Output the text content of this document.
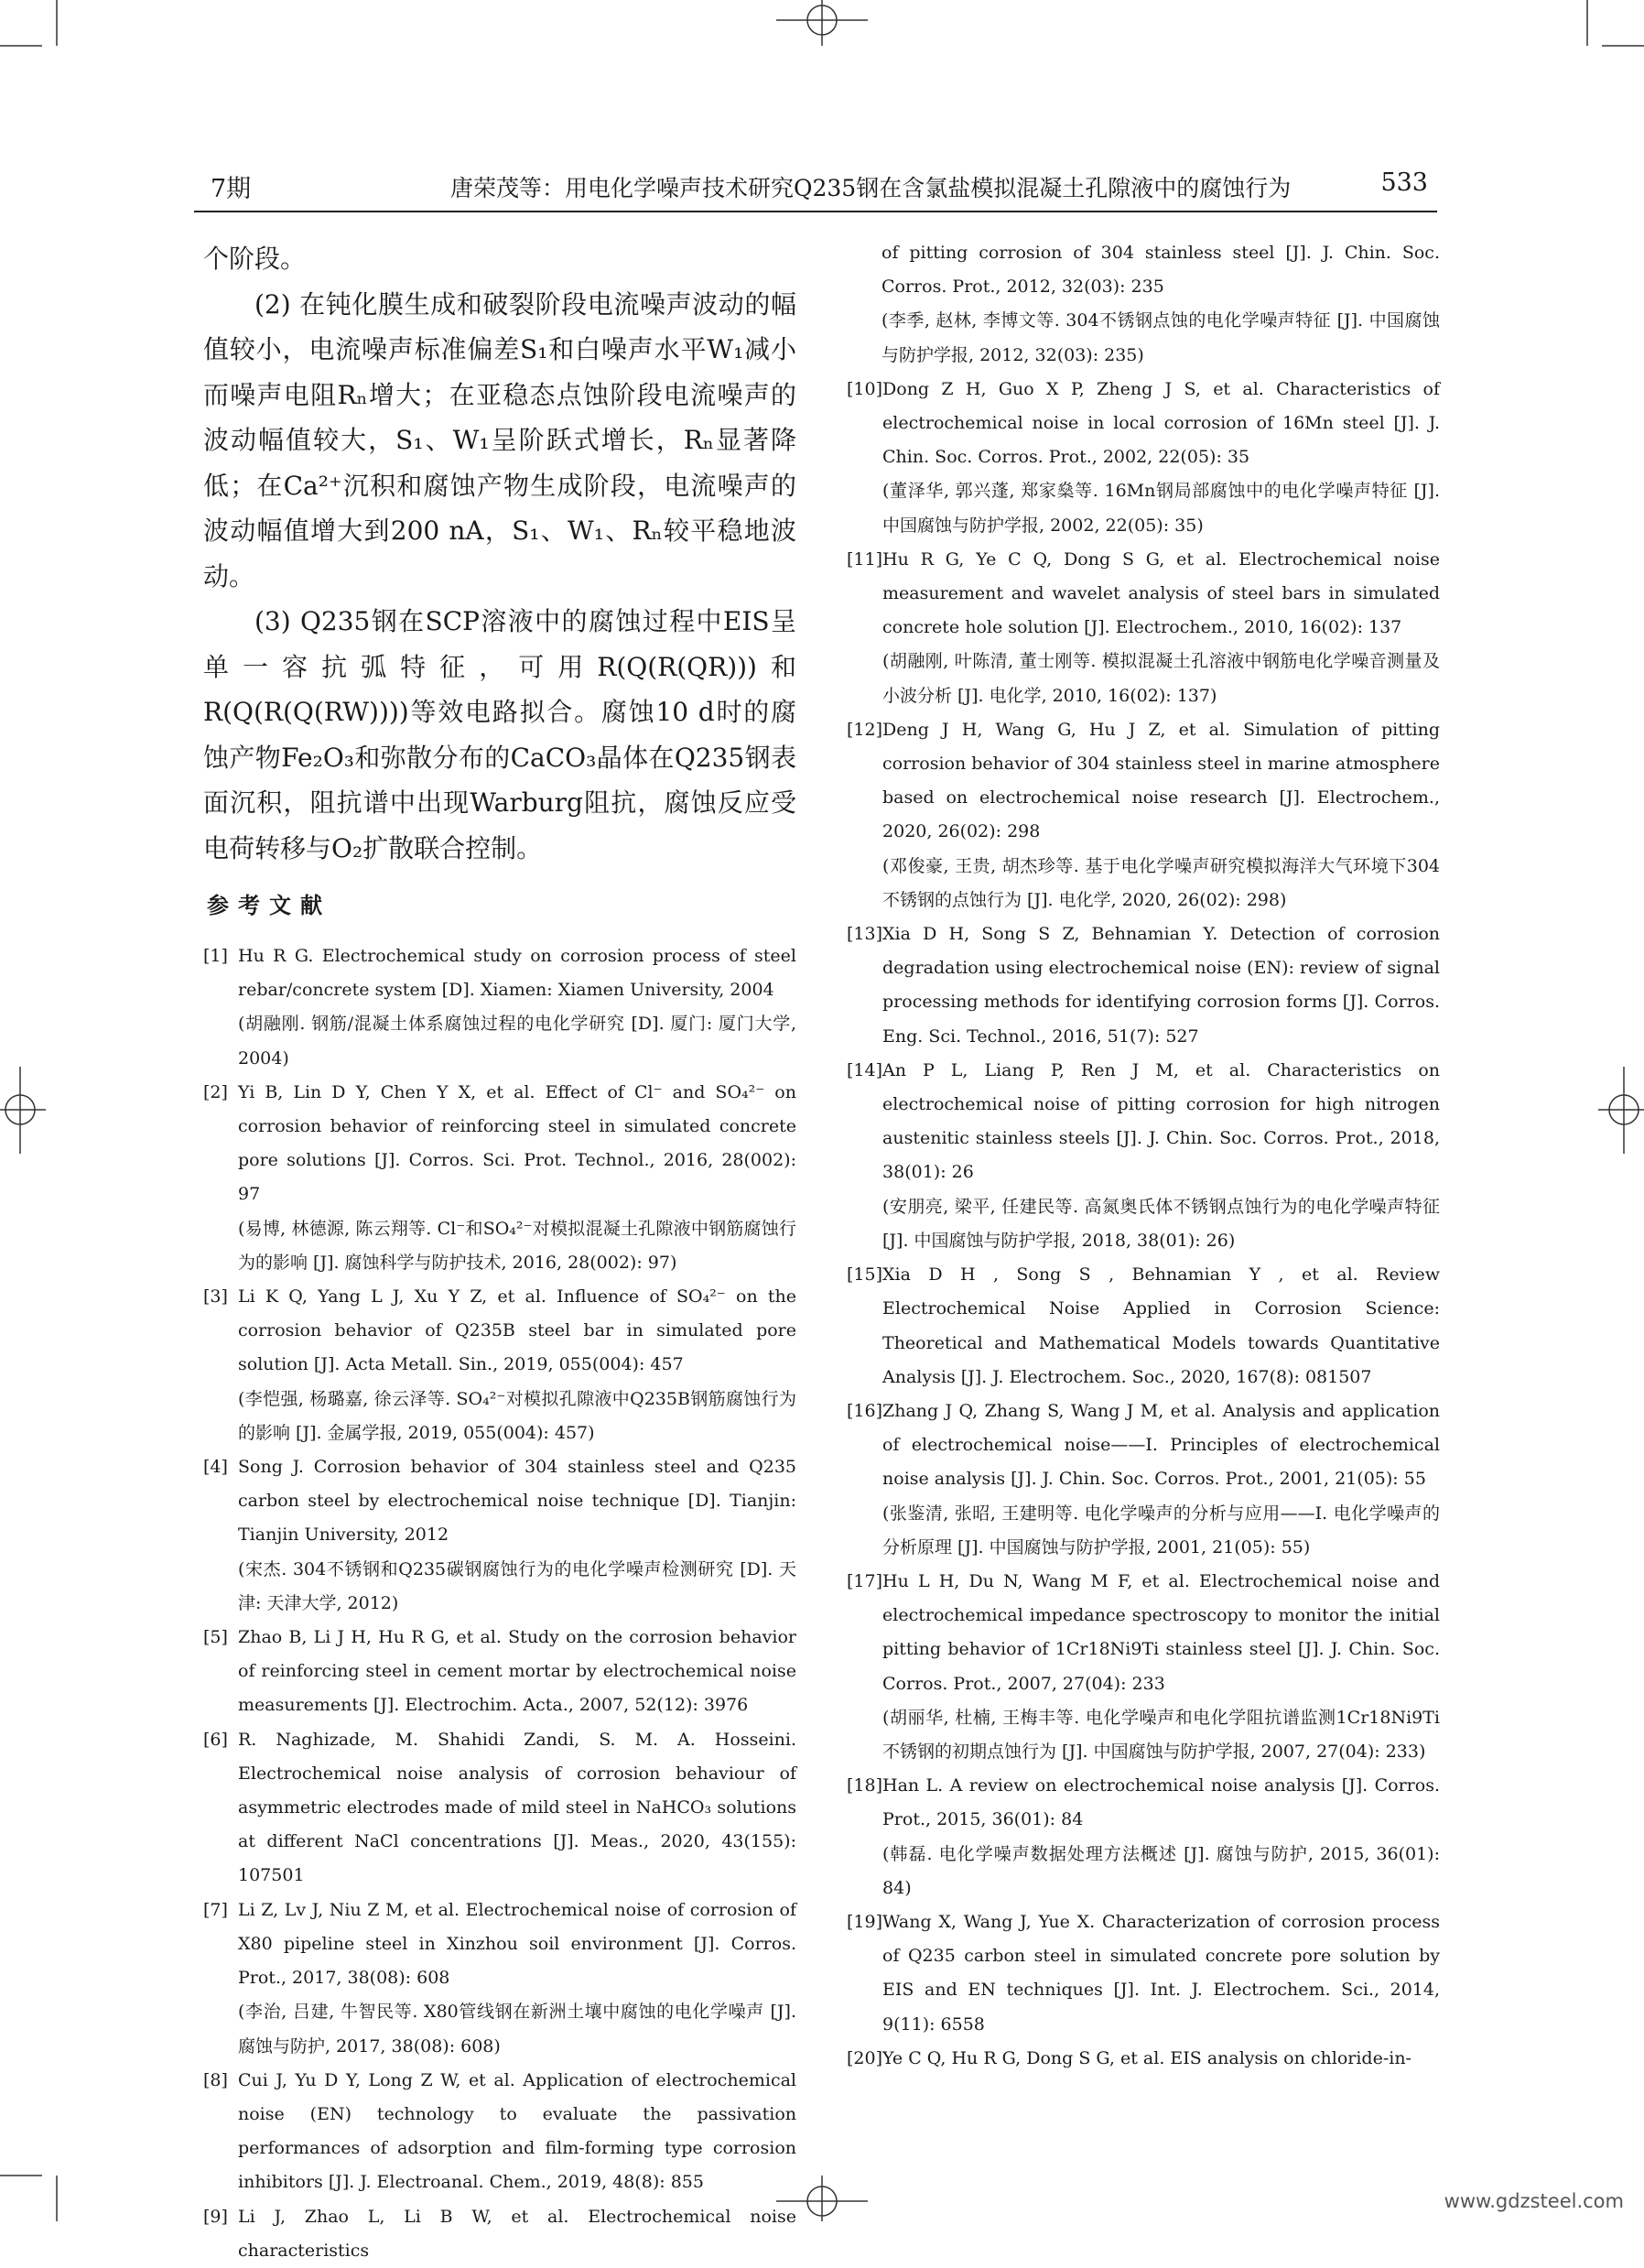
7期	唐荣茂等：用电化学噪声技术研究Q235钢在含氯盐模拟混凝土孔隙液中的腐蚀行为	533

个阶段。

(2) 在钝化膜生成和破裂阶段电流噪声波动的幅值较小，电流噪声标准偏差S₁和白噪声水平W₁减小而噪声电阻Rₙ增大；在亚稳态点蚀阶段电流噪声的波动幅值较大，S₁、W₁呈阶跃式增长，Rₙ显著降低；在Ca²⁺沉积和腐蚀产物生成阶段，电流噪声的波动幅值增大到200 nA，S₁、W₁、Rₙ较平稳地波动。

(3) Q235钢在SCP溶液中的腐蚀过程中EIS呈单一容抗弧特征，可用R(Q(R(QR)))和R(Q(R(Q(RW))))等效电路拟合。腐蚀10 d时的腐蚀产物Fe₂O₃和弥散分布的CaCO₃晶体在Q235钢表面沉积，阻抗谱中出现Warburg阻抗，腐蚀反应受电荷转移与O₂扩散联合控制。

参考文献
[1] Hu R G. Electrochemical study on corrosion process of steel rebar/concrete system [D]. Xiamen: Xiamen University, 2004
(胡融刚. 钢筋/混凝土体系腐蚀过程的电化学研究 [D]. 厦门: 厦门大学, 2004)
[2] Yi B, Lin D Y, Chen Y X, et al. Effect of Cl⁻ and SO₄²⁻ on corrosion behavior of reinforcing steel in simulated concrete pore solutions [J]. Corros. Sci. Prot. Technol., 2016, 28(002): 97
(易博, 林德源, 陈云翔等. Cl⁻和SO₄²⁻对模拟混凝土孔隙液中钢筋腐蚀行为的影响 [J]. 腐蚀科学与防护技术, 2016, 28(002): 97)
[3] Li K Q, Yang L J, Xu Y Z, et al. Influence of SO₄²⁻ on the corrosion behavior of Q235B steel bar in simulated pore solution [J]. Acta Metall. Sin., 2019, 055(004): 457
(李恺强, 杨璐嘉, 徐云泽等. SO₄²⁻对模拟孔隙液中Q235B钢筋腐蚀行为的影响 [J]. 金属学报, 2019, 055(004): 457)
[4] Song J. Corrosion behavior of 304 stainless steel and Q235 carbon steel by electrochemical noise technique [D]. Tianjin: Tianjin University, 2012
(宋杰. 304不锈钢和Q235碳钢腐蚀行为的电化学噪声检测研究 [D]. 天津: 天津大学, 2012)
[5] Zhao B, Li J H, Hu R G, et al. Study on the corrosion behavior of reinforcing steel in cement mortar by electrochemical noise measurements [J]. Electrochim. Acta., 2007, 52(12): 3976
[6] R. Naghizade, M. Shahidi Zandi, S. M. A. Hosseini. Electrochemical noise analysis of corrosion behaviour of asymmetric electrodes made of mild steel in NaHCO₃ solutions at different NaCl concentrations [J]. Meas., 2020, 43(155): 107501
[7] Li Z, Lv J, Niu Z M, et al. Electrochemical noise of corrosion of X80 pipeline steel in Xinzhou soil environment [J]. Corros. Prot., 2017, 38(08): 608
(李治, 吕建, 牛智民等. X80管线钢在新洲土壤中腐蚀的电化学噪声 [J]. 腐蚀与防护, 2017, 38(08): 608)
[8] Cui J, Yu D Y, Long Z W, et al. Application of electrochemical noise (EN) technology to evaluate the passivation performances of adsorption and film-forming type corrosion inhibitors [J]. J. Electroanal. Chem., 2019, 48(8): 855
[9] Li J, Zhao L, Li B W, et al. Electrochemical noise characteristics
of pitting corrosion of 304 stainless steel [J]. J. Chin. Soc. Corros. Prot., 2012, 32(03): 235
(李季, 赵林, 李博文等. 304不锈钢点蚀的电化学噪声特征 [J]. 中国腐蚀与防护学报, 2012, 32(03): 235)
[10] Dong Z H, Guo X P, Zheng J S, et al. Characteristics of electrochemical noise in local corrosion of 16Mn steel [J]. J. Chin. Soc. Corros. Prot., 2002, 22(05): 35
(董泽华, 郭兴蓬, 郑家燊等. 16Mn钢局部腐蚀中的电化学噪声特征 [J]. 中国腐蚀与防护学报, 2002, 22(05): 35)
[11] Hu R G, Ye C Q, Dong S G, et al. Electrochemical noise measurement and wavelet analysis of steel bars in simulated concrete hole solution [J]. Electrochem., 2010, 16(02): 137
(胡融刚, 叶陈清, 董士刚等. 模拟混凝土孔溶液中钢筋电化学噪音测量及小波分析 [J]. 电化学, 2010, 16(02): 137)
[12] Deng J H, Wang G, Hu J Z, et al. Simulation of pitting corrosion behavior of 304 stainless steel in marine atmosphere based on electrochemical noise research [J]. Electrochem., 2020, 26(02): 298
(邓俊豪, 王贵, 胡杰珍等. 基于电化学噪声研究模拟海洋大气环境下304不锈钢的点蚀行为 [J]. 电化学, 2020, 26(02): 298)
[13] Xia D H, Song S Z, Behnamian Y. Detection of corrosion degradation using electrochemical noise (EN): review of signal processing methods for identifying corrosion forms [J]. Corros. Eng. Sci. Technol., 2016, 51(7): 527
[14] An P L, Liang P, Ren J M, et al. Characteristics on electrochemical noise of pitting corrosion for high nitrogen austenitic stainless steels [J]. J. Chin. Soc. Corros. Prot., 2018, 38(01): 26
(安朋亮, 梁平, 任建民等. 高氮奥氏体不锈钢点蚀行为的电化学噪声特征 [J]. 中国腐蚀与防护学报, 2018, 38(01): 26)
[15] Xia D H , Song S , Behnamian Y , et al. Review Electrochemical Noise Applied in Corrosion Science: Theoretical and Mathematical Models towards Quantitative Analysis [J]. J. Electrochem. Soc., 2020, 167(8): 081507
[16] Zhang J Q, Zhang S, Wang J M, et al. Analysis and application of electrochemical noise——I. Principles of electrochemical noise analysis [J]. J. Chin. Soc. Corros. Prot., 2001, 21(05): 55
(张鉴清, 张昭, 王建明等. 电化学噪声的分析与应用——I. 电化学噪声的分析原理 [J]. 中国腐蚀与防护学报, 2001, 21(05): 55)
[17] Hu L H, Du N, Wang M F, et al. Electrochemical noise and electrochemical impedance spectroscopy to monitor the initial pitting behavior of 1Cr18Ni9Ti stainless steel [J]. J. Chin. Soc. Corros. Prot., 2007, 27(04): 233
(胡丽华, 杜楠, 王梅丰等. 电化学噪声和电化学阻抗谱监测1Cr18Ni9Ti不锈钢的初期点蚀行为 [J]. 中国腐蚀与防护学报, 2007, 27(04): 233)
[18] Han L. A review on electrochemical noise analysis [J]. Corros. Prot., 2015, 36(01): 84
(韩磊. 电化学噪声数据处理方法概述 [J]. 腐蚀与防护, 2015, 36(01): 84)
[19] Wang X, Wang J, Yue X. Characterization of corrosion process of Q235 carbon steel in simulated concrete pore solution by EIS and EN techniques [J]. Int. J. Electrochem. Sci., 2014, 9(11): 6558
[20] Ye C Q, Hu R G, Dong S G, et al. EIS analysis on chloride-in-
www.gdzsteel.com
